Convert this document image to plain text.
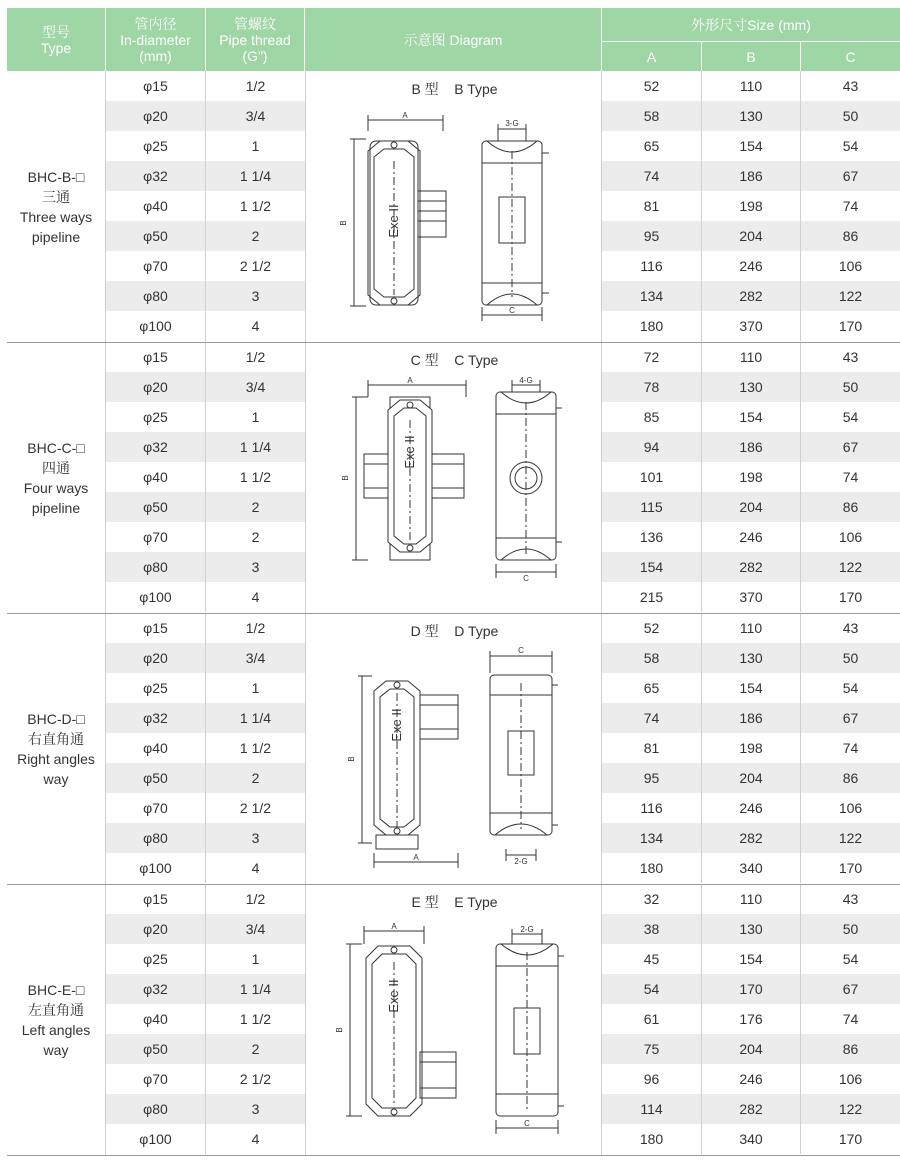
型号
Type
管内径
In-diameter
(mm)
管螺纹
Pipe thread
(G")
示意图 Diagram
外形尺寸Size (mm)
A	B	C
BHC-B-□
三通
Three ways
pipeline
φ15	1/2	52	110	43
φ20	3/4	58	130	50
φ25	1	65	154	54
φ32	1 1/4	74	186	67
φ40	1 1/2	81	198	74
φ50	2	95	204	86
φ70	2 1/2	116	246	106
φ80	3	134	282	122
φ100	4	180	370	170
A
B
C
3-G
Exe II
B 型    B Type
BHC-C-□
四通
Four ways
pipeline
φ15	1/2	72	110	43
φ20	3/4	78	130	50
φ25	1	85	154	54
φ32	1 1/4	94	186	67
φ40	1 1/2	101	198	74
φ50	2	115	204	86
φ70	2	136	246	106
φ80	3	154	282	122
φ100	4	215	370	170
A
B
C
4-G
Exe II
C 型    C Type
BHC-D-□
右直角通
Right angles
way
φ15	1/2	52	110	43
φ20	3/4	58	130	50
φ25	1	65	154	54
φ32	1 1/4	74	186	67
φ40	1 1/2	81	198	74
φ50	2	95	204	86
φ70	2 1/2	116	246	106
φ80	3	134	282	122
φ100	4	180	340	170
A
B
C
2-G
Exe II
D 型    D Type
BHC-E-□
左直角通
Left angles
way
φ15	1/2	32	110	43
φ20	3/4	38	130	50
φ25	1	45	154	54
φ32	1 1/4	54	170	67
φ40	1 1/2	61	176	74
φ50	2	75	204	86
φ70	2 1/2	96	246	106
φ80	3	114	282	122
φ100	4	180	340	170
A
B
C
2-G
Exe II
E 型    E Type
